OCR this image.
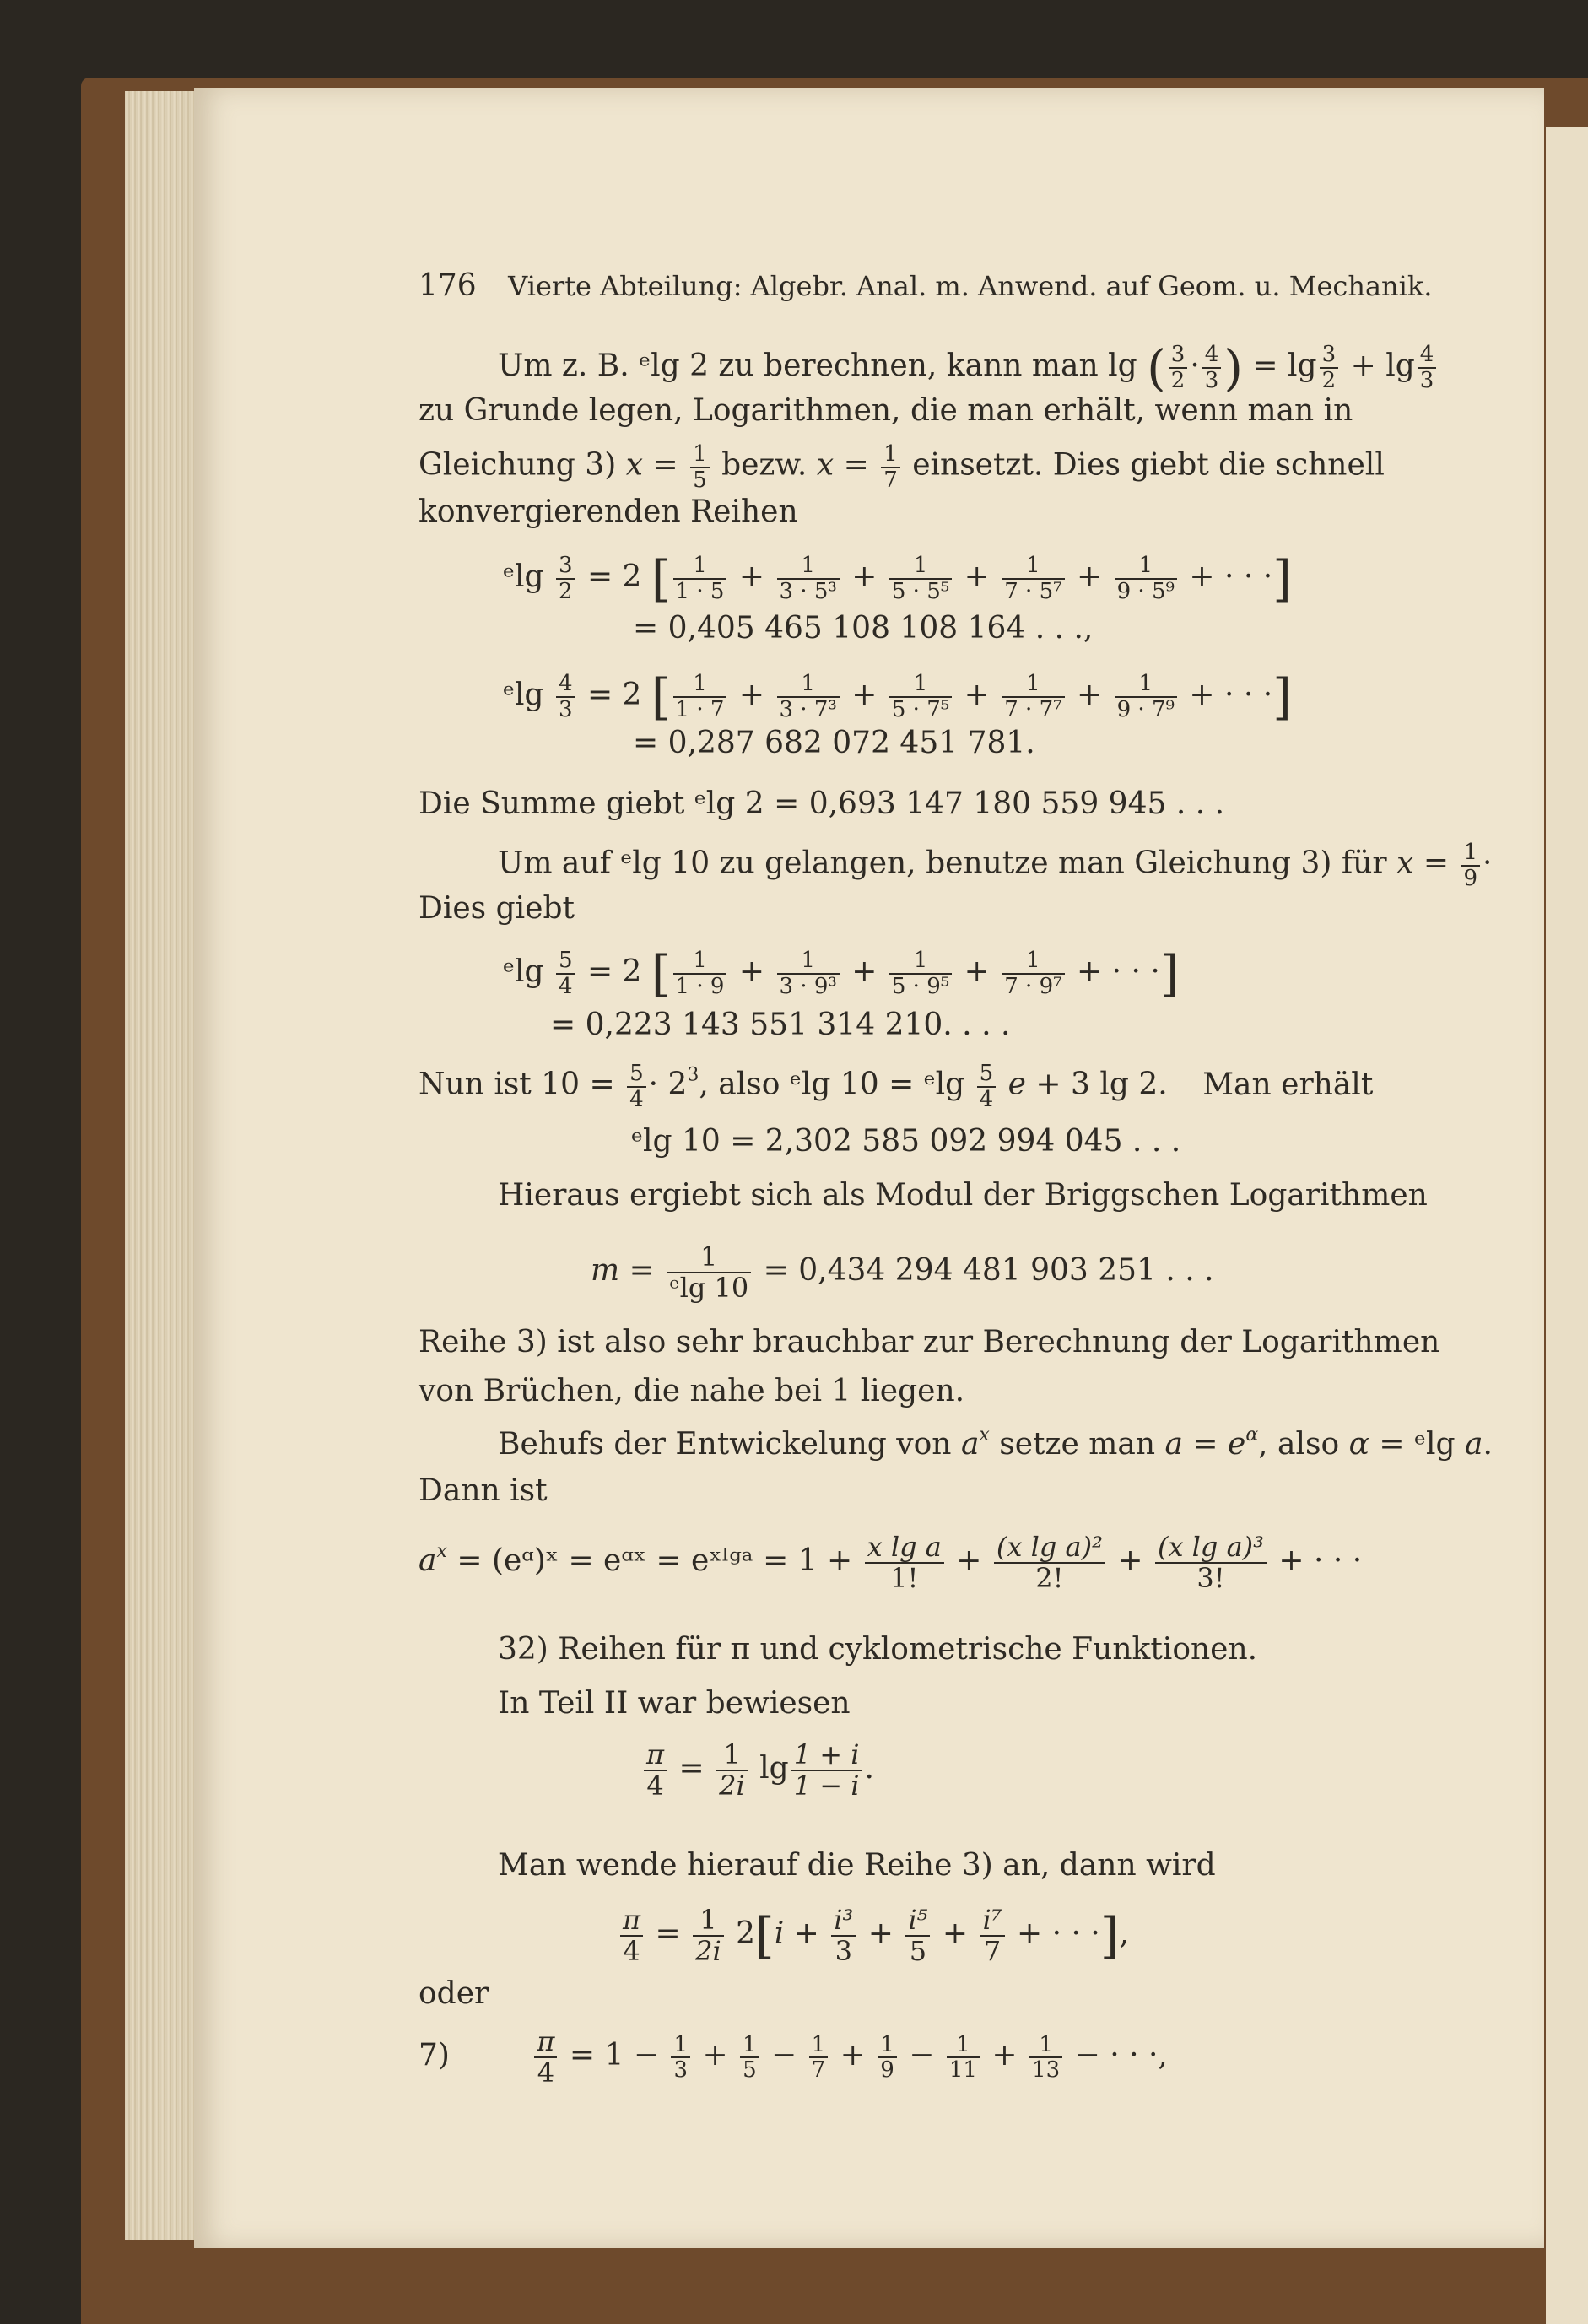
176 Vierte Abteilung: Algebr. Anal. m. Anwend. auf Geom. u. Mechanik.
Um z. B. ᵉlg 2 zu berechnen, kann man lg ( $\frac{3}{2} \cdot \frac{4}{3}$ ) = $\lg \frac{3}{2} + \lg \frac{4}{3}$
zu Grunde legen, Logarithmen, die man erhält, wenn man in
Gleichung 3) $x = \frac{1}{5}$ bezw. $x = \frac{1}{7}$ einsetzt. Dies giebt die schnell
konvergierenden Reihen
ᵉlg $\frac{3}{2} = 2$ [ $\frac{1}{1 \cdot 5} + \frac{1}{\text{3 · 5³}} + \frac{1}{\text{5 · 5⁵}} + \frac{1}{\text{7 · 5⁷}} + \frac{1}{\text{9 · 5⁹}}$ + · · ·]
= 0,405 465 108 108 164 . . .,
ᵉlg $\frac{4}{3} = 2$ [ $\frac{1}{1 \cdot 7} + \frac{1}{\text{3 · 7³}} + \frac{1}{\text{5 · 7⁵}} + \frac{1}{\text{7 · 7⁷}} + \frac{1}{\text{9 · 7⁹}}$ + · · ·]
= 0,287 682 072 451 781.
Die Summe giebt ᵉlg 2 = 0,693 147 180 559 945 . . .
Um auf ᵉlg 10 zu gelangen, benutze man Gleichung 3) für $x = \frac{1}{9}$ ·
Dies giebt
ᵉlg $\frac{5}{4} = 2$ [ $\frac{1}{1 \cdot 9} + \frac{1}{\text{3 · 9³}} + \frac{1}{\text{5 · 9⁵}} + \frac{1}{\text{7 · 9⁷}}$ + · · ·]
= 0,223 143 551 314 210. . . .
Nun ist $10 = \frac{5}{4} \cdot 2^3$, also ᵉlg 10 = ᵉlg $\frac{5}{4}$ e + 3 lg 2. Man erhält
ᵉlg 10 = 2,302 585 092 994 045 . . .
Hieraus ergiebt sich als Modul der Briggschen Logarithmen
$m = \frac{1}{\text{ᵉlg 10}} = 0,434$ 294 481 903 251 . . .
Reihe 3) ist also sehr brauchbar zur Berechnung der Logarithmen
von Brüchen, die nahe bei 1 liegen.
Behufs der Entwickelung von $a^x$ setze man $a = e^\alpha$, also α = ᵉlg a.
Dann ist
$a^x$ = (eᵅ)ˣ = eᵅˣ = eˣˡᵍᵃ = $1 + \frac{\text{x lg a}}{1!} + \frac{\text{(x lg a)²}}{2!} + \frac{\text{(x lg a)³}}{3!}$ + · · ·
32) Reihen für π und cyklometrische Funktionen.
In Teil II war bewiesen
$\frac{\pi}{4} = \frac{1}{2i}$ $\lg \frac{1 + i}{1 - i}$ .
Man wende hierauf die Reihe 3) an, dann wird
$\frac{\pi}{4} = \frac{1}{2i} 2[i + \frac{\text{i³}}{3} + \frac{\text{i⁵}}{5} + \frac{\text{i⁷}}{7}$ + · · ·],
oder
7)	$\frac{\pi}{4} = 1 - \frac{1}{3} + \frac{1}{5} - \frac{1}{7} + \frac{1}{9} - \frac{1}{11} + \frac{1}{13}$ − · · ·,
